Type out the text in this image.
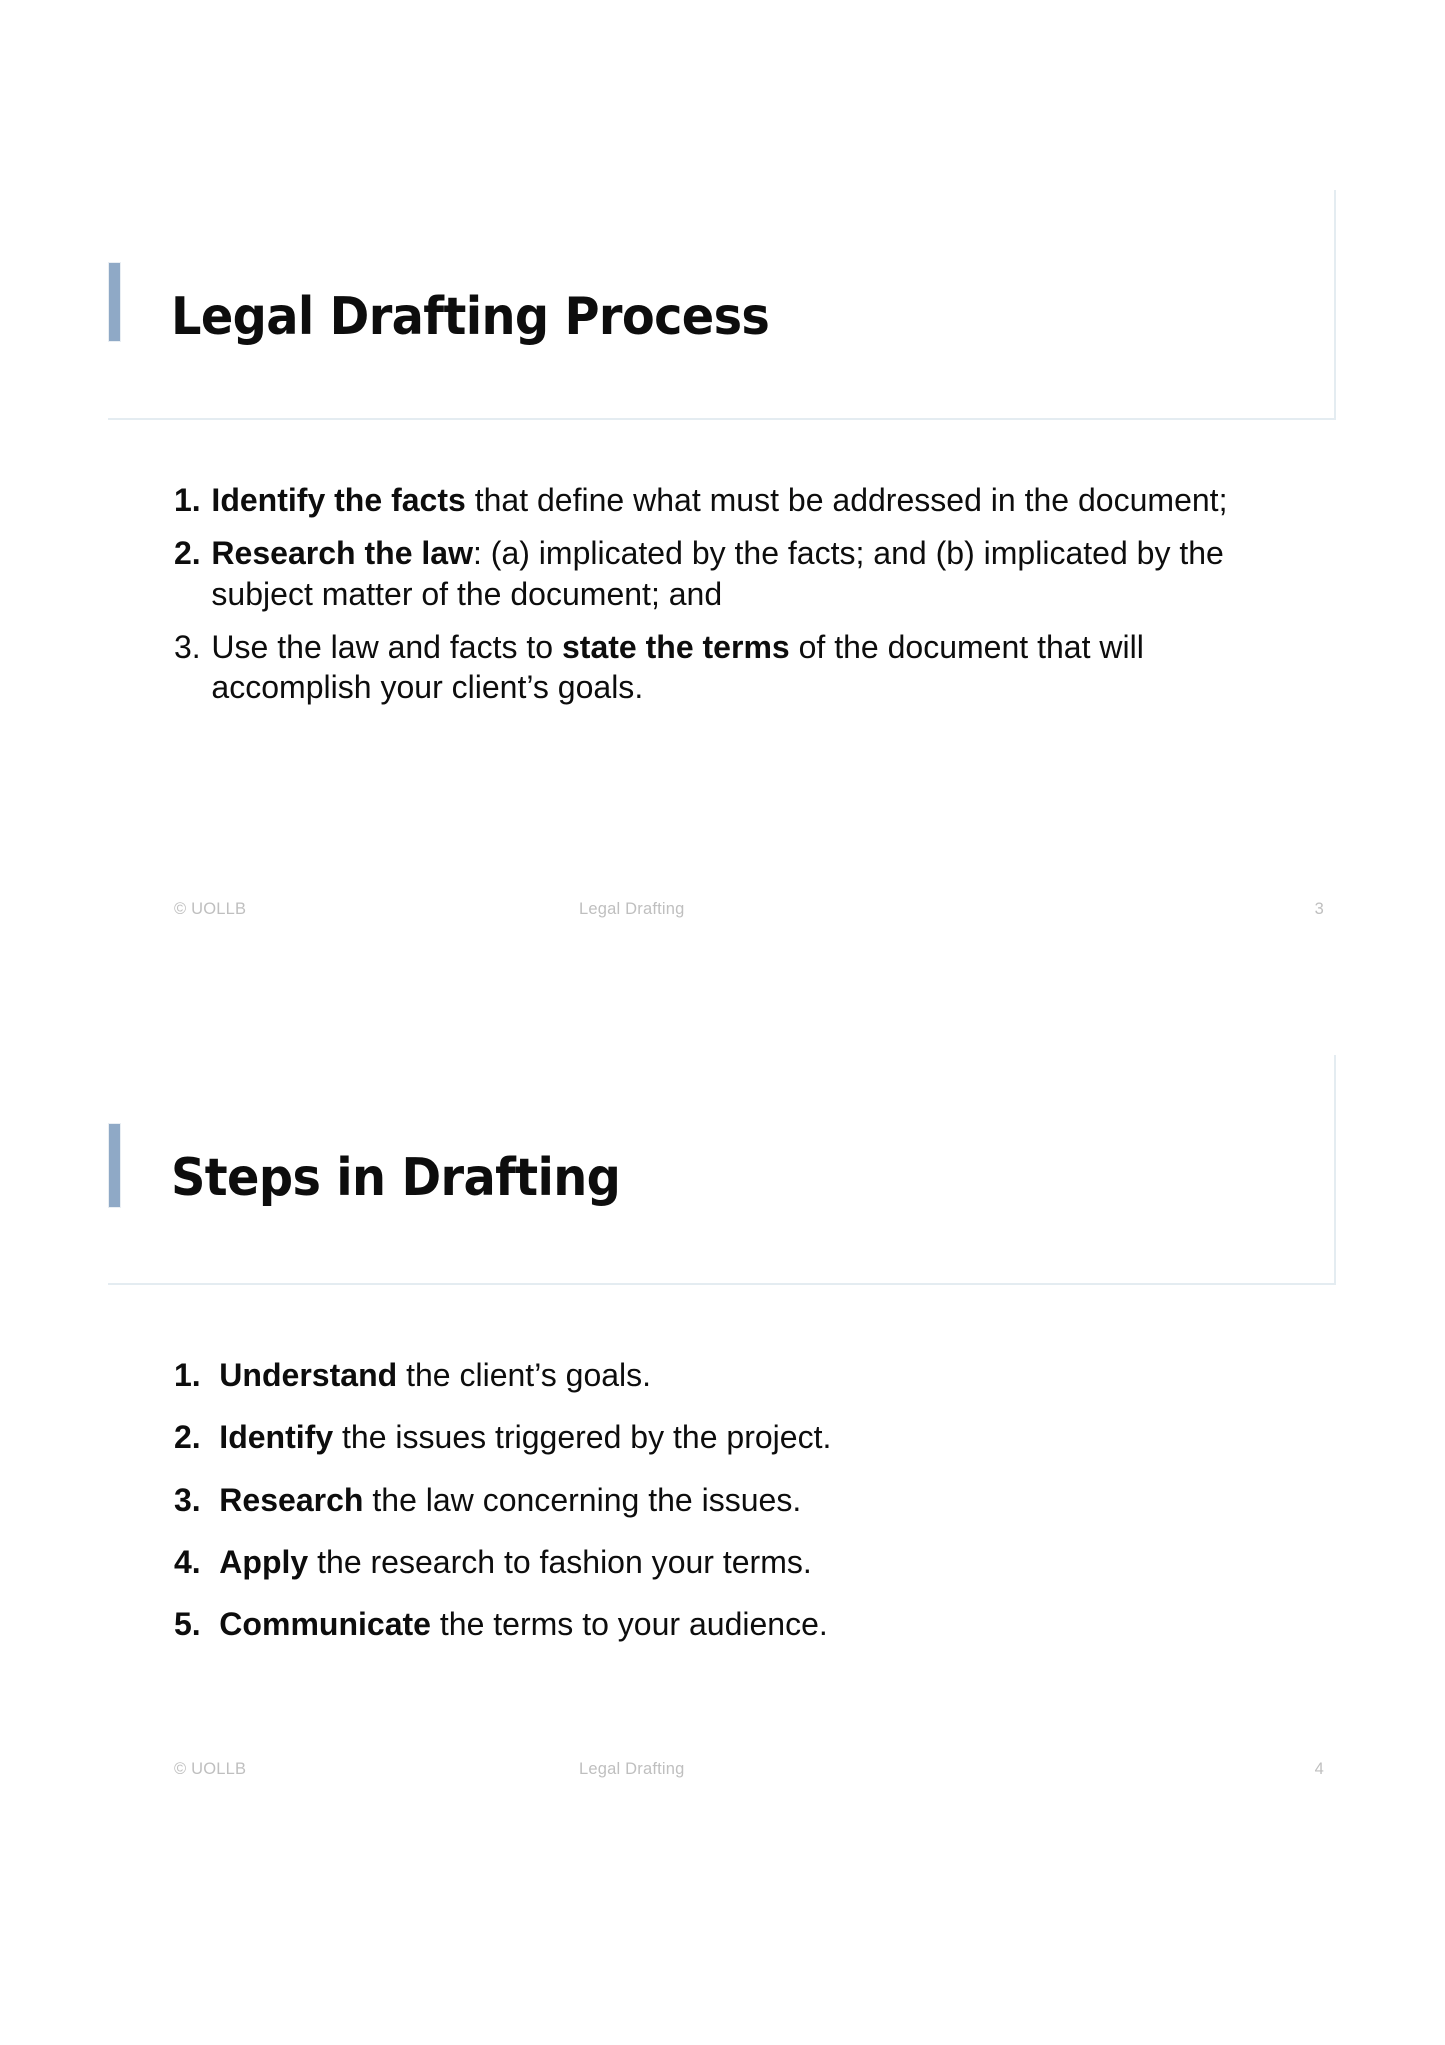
Legal Drafting Process
1. Identify the facts that define what must be addressed in the document;
2. Research the law: (a) implicated by the facts; and (b) implicated by the subject matter of the document; and
3. Use the law and facts to state the terms of the document that will accomplish your client’s goals.
© UOLLB	Legal Drafting	3
Steps in Drafting
1. Understand the client’s goals.
2. Identify the issues triggered by the project.
3. Research the law concerning the issues.
4. Apply the research to fashion your terms.
5. Communicate the terms to your audience.
© UOLLB	Legal Drafting	4
